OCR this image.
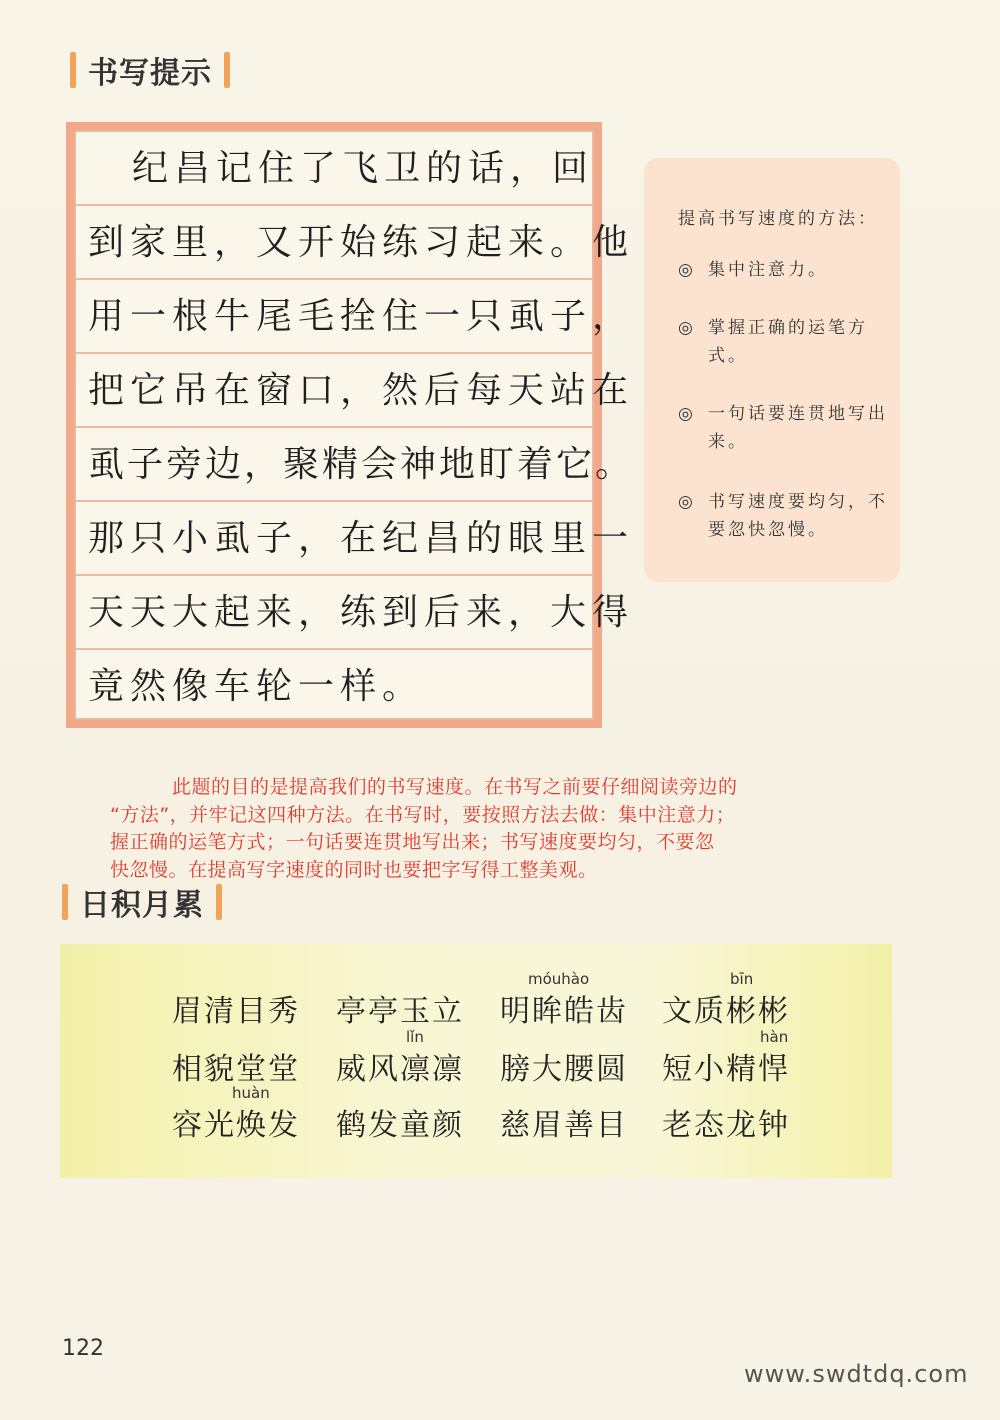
书写提示
　纪昌记住了飞卫的话，回
到家里，又开始练习起来。他
用一根牛尾毛拴住一只虱子，
把它吊在窗口，然后每天站在
虱子旁边，聚精会神地盯着它。
那只小虱子，在纪昌的眼里一
天天大起来，练到后来，大得
竟然像车轮一样。
提高书写速度的方法：
◎ 集中注意力。
◎ 掌握正确的运笔方式。
◎ 一句话要连贯地写出来。
◎ 书写速度要均匀，不要忽快忽慢。
此题的目的是提高我们的书写速度。在书写之前要仔细阅读旁边的
“方法”，并牢记这四种方法。在书写时，要按照方法去做：集中注意力；
握正确的运笔方式；一句话要连贯地写出来；书写速度要均匀，不要忽
快忽慢。在提高写字速度的同时也要把字写得工整美观。
日积月累
móuhào	bīn
lǐn	hàn
huàn
眉清目秀 亭亭玉立 明眸皓齿 文质彬彬
相貌堂堂 威风凛凛 膀大腰圆 短小精悍
容光焕发 鹤发童颜 慈眉善目 老态龙钟
122
www.swdtdq.com
